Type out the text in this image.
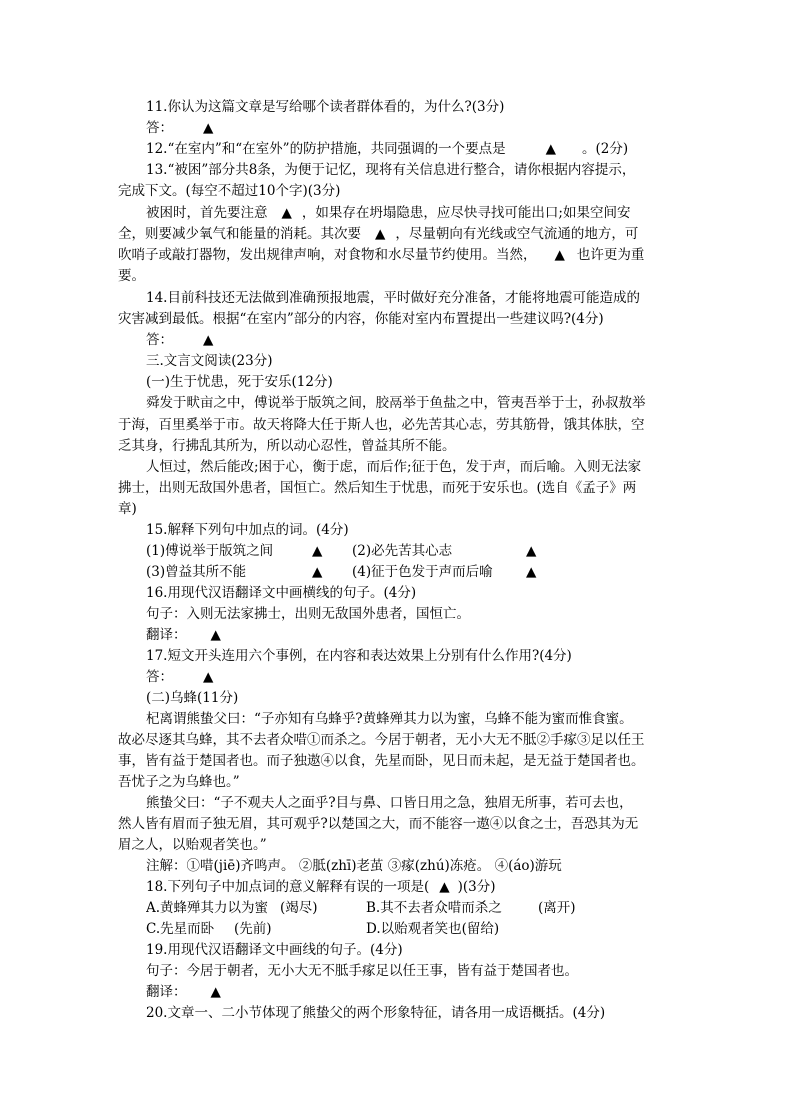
11.你认为这篇文章是写给哪个读者群体看的，为什么?(3分)
答： ▲
12.“在室内”和“在室外”的防护措施，共同强调的一个要点是	▲ 。(2分)
13.“被困”部分共8条，为便于记忆，现将有关信息进行整合，请你根据内容提示，
完成下文。(每空不超过10个字)(3分)
被困时，首先要注意 ▲ ，如果存在坍塌隐患，应尽快寻找可能出口;如果空间安
全，则要减少氧气和能量的消耗。其次要 ▲ ，尽量朝向有光线或空气流通的地方，可
吹哨子或敲打器物，发出规律声响，对食物和水尽量节约使用。当然， ▲ 也许更为重
要。
14.目前科技还无法做到准确预报地震，平时做好充分准备，才能将地震可能造成的
灾害减到最低。根据“在室内”部分的内容，你能对室内布置提出一些建议吗?(4分)
答： ▲
三.文言文阅读(23分)
(一)生于忧患，死于安乐(12分)
舜发于畎亩之中，傅说举于版筑之间，胶鬲举于鱼盐之中，管夷吾举于士，孙叔敖举
于海，百里奚举于市。故天将降大任于斯人也，必先苦其心志，劳其筋骨，饿其体肤，空
乏其身，行拂乱其所为，所以动心忍性，曾益其所不能。
人恒过，然后能改;困于心，衡于虑，而后作;征于色，发于声，而后喻。入则无法家
拂士，出则无敌国外患者，国恒亡。然后知生于忧患，而死于安乐也。(选自《孟子》两
章)
15.解释下列句中加点的词。(4分)
(1)傅说举于版筑之间	▲ (2)必先苦其心志	▲
(3)曾益其所不能	▲ (4)征于色发于声而后喻 ▲
16.用现代汉语翻译文中画横线的句子。(4分)
句子：入则无法家拂士，出则无敌国外患者，国恒亡。
翻译： ▲
17.短文开头连用六个事例，在内容和表达效果上分别有什么作用?(4分)
答： ▲
(二)乌蜂(11分)
杞离谓熊蛰父曰：“子亦知有乌蜂乎?黄蜂殚其力以为蜜，乌蜂不能为蜜而惟食蜜。
故必尽逐其乌蜂，其不去者众唶①而杀之。今居于朝者，无小大无不胝②手瘃③足以任王
事，皆有益于楚国者也。而子独遨④以食，先星而卧，见日而未起，是无益于楚国者也。
吾忧子之为乌蜂也。”
熊蛰父曰：“子不观夫人之面乎?目与鼻、口皆日用之急，独眉无所事，若可去也，
然人皆有眉而子独无眉，其可观乎?以楚国之大，而不能容一遨④以食之士，吾恐其为无
眉之人，以贻观者笑也。”
注解：①唶(jiē)齐鸣声。 ②胝(zhī)老茧 ③瘃(zhú)冻疮。 ④(áo)游玩
18.下列句子中加点词的意义解释有误的一项是( ▲ )(3分)
A.黄蜂殚其力以为蜜 (竭尽)	B.其不去者众唶而杀之	(离开)
C.先星而卧 (先前)	D.以贻观者笑也(留给)
19.用现代汉语翻译文中画线的句子。(4分)
句子：今居于朝者，无小大无不胝手瘃足以任王事，皆有益于楚国者也。
翻译： ▲
20.文章一、二小节体现了熊蛰父的两个形象特征，请各用一成语概括。(4分)
